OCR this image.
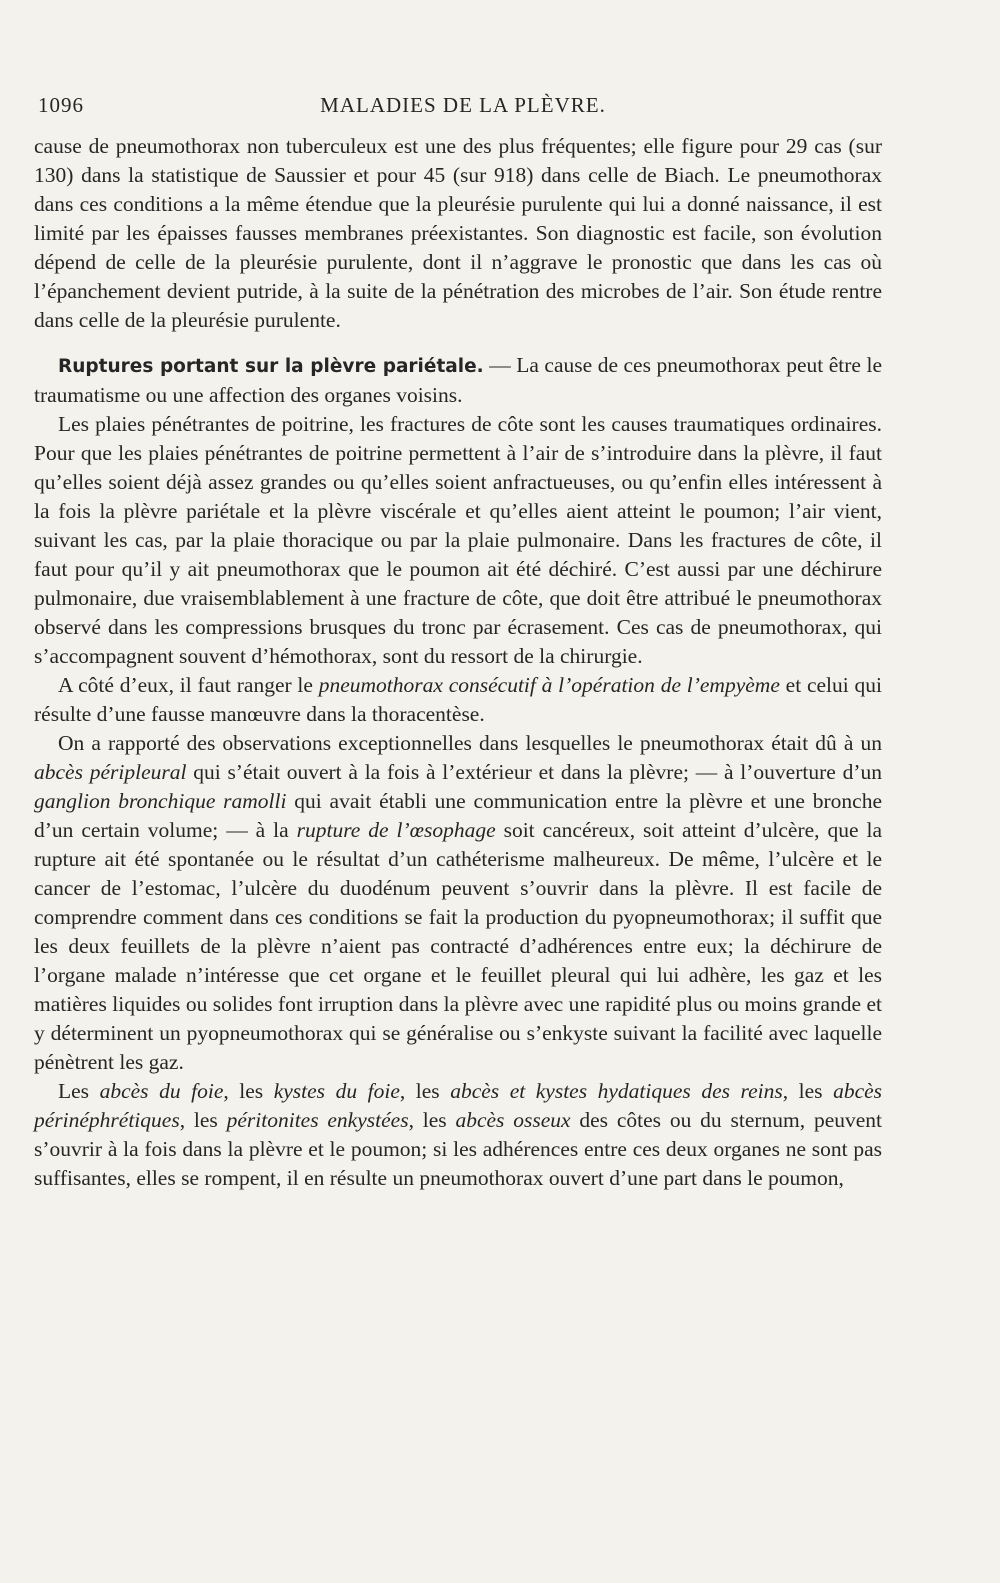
1096	MALADIES DE LA PLÈVRE.

cause de pneumothorax non tuberculeux est une des plus fréquentes; elle figure pour 29 cas (sur 130) dans la statistique de Saussier et pour 45 (sur 918) dans celle de Biach. Le pneumothorax dans ces conditions a la même étendue que la pleurésie purulente qui lui a donné naissance, il est limité par les épaisses fausses membranes préexistantes. Son diagnostic est facile, son évolution dépend de celle de la pleurésie purulente, dont il n’aggrave le pronostic que dans les cas où l’épanchement devient putride, à la suite de la pénétration des microbes de l’air. Son étude rentre dans celle de la pleurésie purulente.

Ruptures portant sur la plèvre pariétale. — La cause de ces pneumothorax peut être le traumatisme ou une affection des organes voisins.

Les plaies pénétrantes de poitrine, les fractures de côte sont les causes traumatiques ordinaires. Pour que les plaies pénétrantes de poitrine permettent à l’air de s’introduire dans la plèvre, il faut qu’elles soient déjà assez grandes ou qu’elles soient anfractueuses, ou qu’enfin elles intéressent à la fois la plèvre pariétale et la plèvre viscérale et qu’elles aient atteint le poumon; l’air vient, suivant les cas, par la plaie thoracique ou par la plaie pulmonaire. Dans les fractures de côte, il faut pour qu’il y ait pneumothorax que le poumon ait été déchiré. C’est aussi par une déchirure pulmonaire, due vraisemblablement à une fracture de côte, que doit être attribué le pneumothorax observé dans les compressions brusques du tronc par écrasement. Ces cas de pneumothorax, qui s’accompagnent souvent d’hémothorax, sont du ressort de la chirurgie.

A côté d’eux, il faut ranger le pneumothorax consécutif à l’opération de l’empyème et celui qui résulte d’une fausse manœuvre dans la thoracentèse.

On a rapporté des observations exceptionnelles dans lesquelles le pneumothorax était dû à un abcès péripleural qui s’était ouvert à la fois à l’extérieur et dans la plèvre; — à l’ouverture d’un ganglion bronchique ramolli qui avait établi une communication entre la plèvre et une bronche d’un certain volume; — à la rupture de l’œsophage soit cancéreux, soit atteint d’ulcère, que la rupture ait été spontanée ou le résultat d’un cathéterisme malheureux. De même, l’ulcère et le cancer de l’estomac, l’ulcère du duodénum peuvent s’ouvrir dans la plèvre. Il est facile de comprendre comment dans ces conditions se fait la production du pyopneumothorax; il suffit que les deux feuillets de la plèvre n’aient pas contracté d’adhérences entre eux; la déchirure de l’organe malade n’intéresse que cet organe et le feuillet pleural qui lui adhère, les gaz et les matières liquides ou solides font irruption dans la plèvre avec une rapidité plus ou moins grande et y déterminent un pyopneumothorax qui se généralise ou s’enkyste suivant la facilité avec laquelle pénètrent les gaz.

Les abcès du foie, les kystes du foie, les abcès et kystes hydatiques des reins, les abcès périnéphrétiques, les péritonites enkystées, les abcès osseux des côtes ou du sternum, peuvent s’ouvrir à la fois dans la plèvre et le poumon; si les adhérences entre ces deux organes ne sont pas suffisantes, elles se rompent, il en résulte un pneumothorax ouvert d’une part dans le poumon,
